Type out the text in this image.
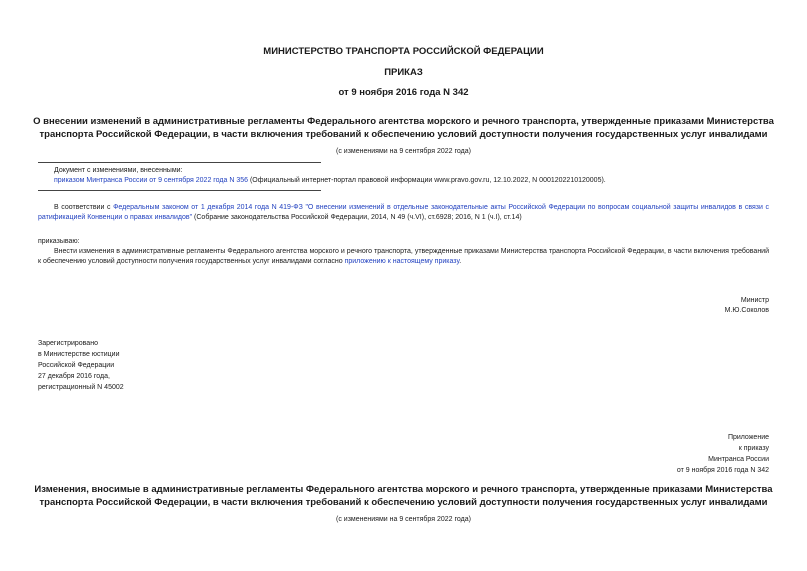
МИНИСТЕРСТВО ТРАНСПОРТА РОССИЙСКОЙ ФЕДЕРАЦИИ
ПРИКАЗ
от 9 ноября 2016 года N 342
О внесении изменений в административные регламенты Федерального агентства морского и речного транспорта, утвержденные приказами Министерства
транспорта Российской Федерации, в части включения требований к обеспечению условий доступности получения государственных услуг инвалидами
(с изменениями на 9 сентября 2022 года)
Документ с изменениями, внесенными:
приказом Минтранса России от 9 сентября 2022 года N 356 (Официальный интернет-портал правовой информации www.pravo.gov.ru, 12.10.2022, N 0001202210120005).

В соответствии с Федеральным законом от 1 декабря 2014 года N 419-ФЗ "О внесении изменений в отдельные законодательные акты Российской Федерации по вопросам социальной защиты инвалидов в связи с ратификацией Конвенции о правах инвалидов" (Собрание законодательства Российской Федерации, 2014, N 49 (ч.VI), ст.6928; 2016, N 1 (ч.I), ст.14)

приказываю:

Внести изменения в административные регламенты Федерального агентства морского и речного транспорта, утвержденные приказами Министерства транспорта Российской Федерации, в части включения требований к обеспечению условий доступности получения государственных услуг инвалидами согласно приложению к настоящему приказу.

Министр
М.Ю.Соколов
Зарегистрировано
в Министерстве юстиции
Российской Федерации
27 декабря 2016 года,
регистрационный N 45002
Приложение
к приказу
Минтранса России
от 9 ноября 2016 года N 342
Изменения, вносимые в административные регламенты Федерального агентства морского и речного транспорта, утвержденные приказами Министерства
транспорта Российской Федерации, в части включения требований к обеспечению условий доступности получения государственных услуг инвалидами
(с изменениями на 9 сентября 2022 года)
